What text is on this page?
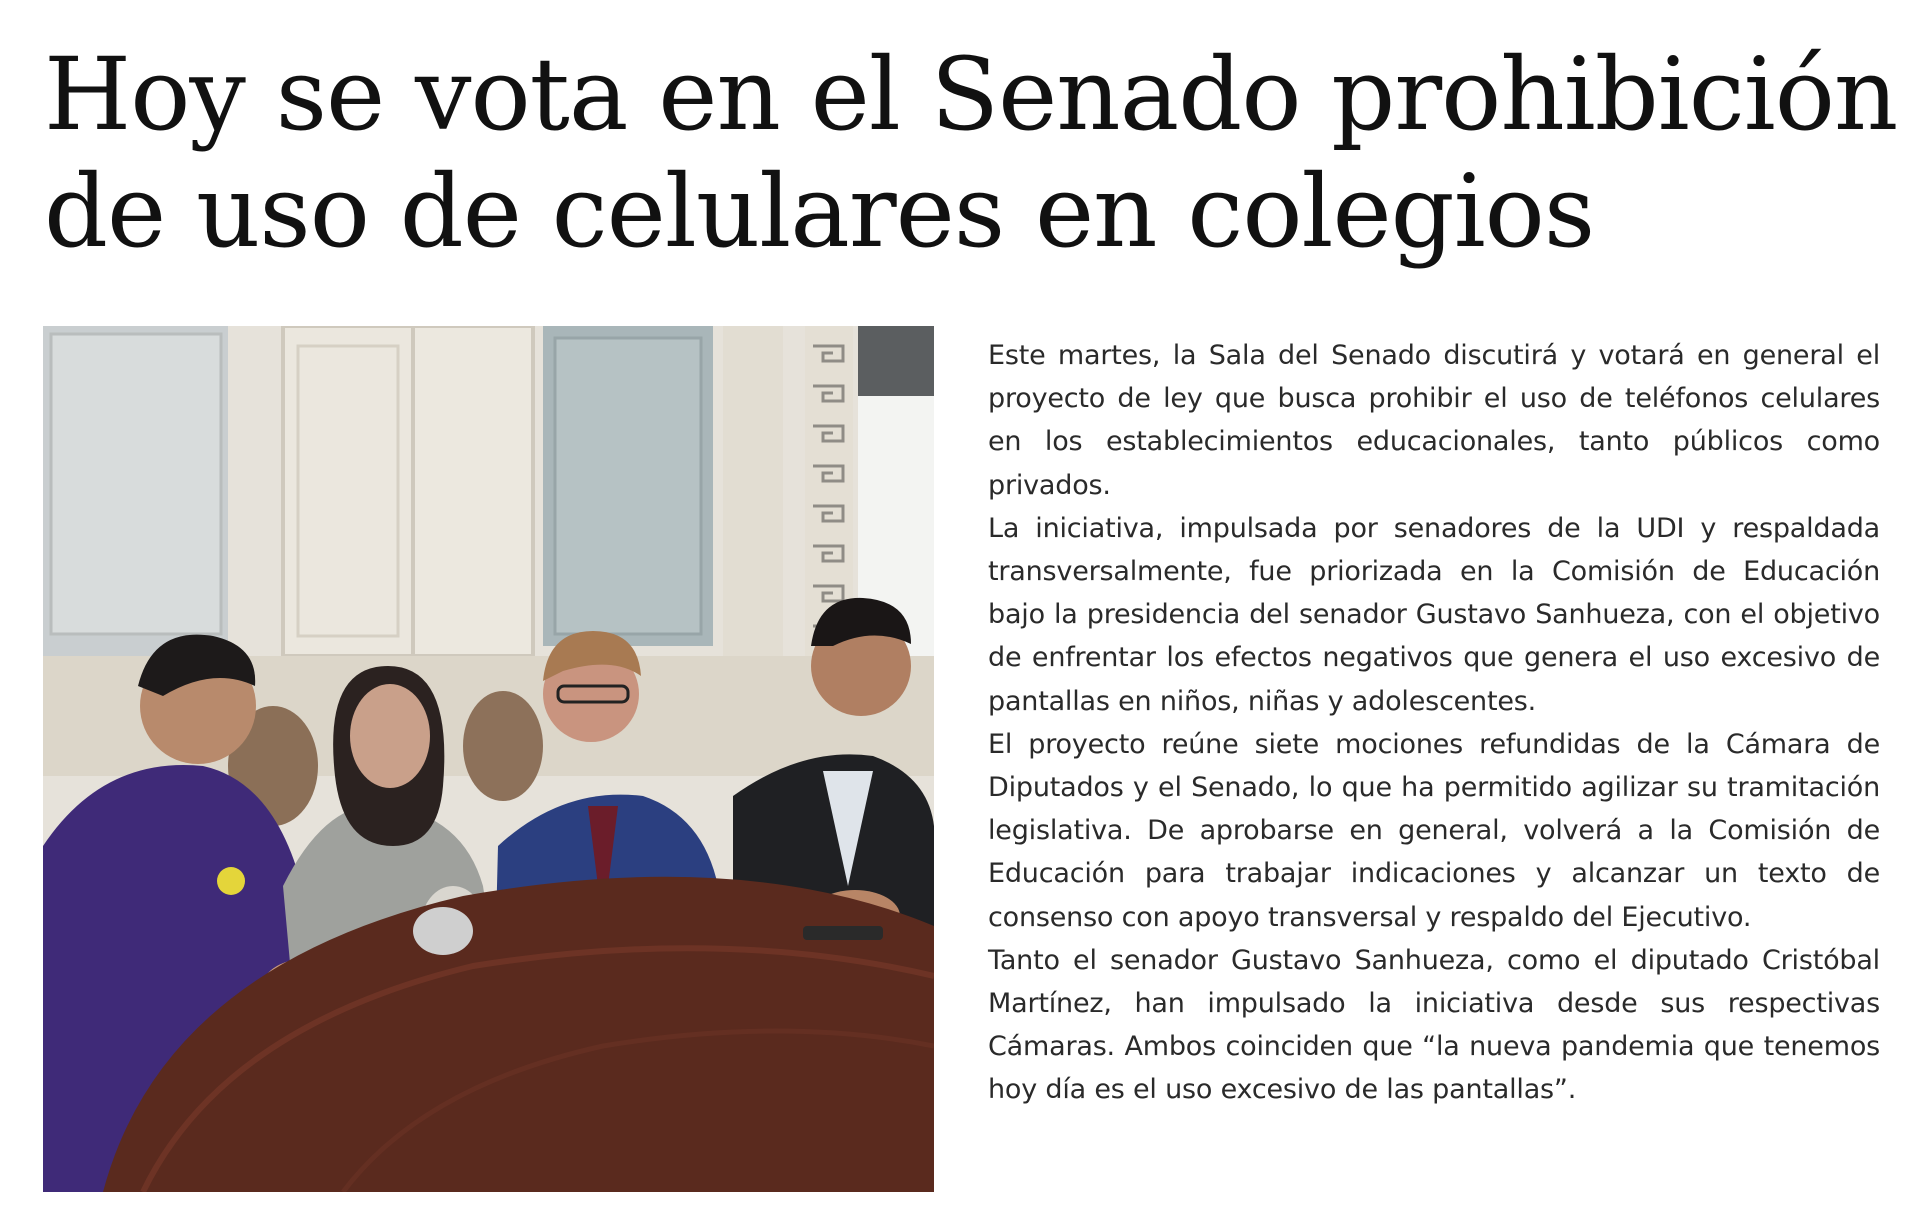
Hoy se vota en el Senado prohibición
de uso de celulares en colegios

Este martes, la Sala del Senado discutirá y votará en general el proyecto de ley que busca prohibir el uso de teléfonos celulares en los establecimientos educacionales, tanto públicos como privados.

La iniciativa, impulsada por senadores de la UDI y respaldada transversalmente, fue priorizada en la Comisión de Educación bajo la presidencia del senador Gustavo Sanhueza, con el objetivo de enfrentar los efectos negativos que genera el uso excesivo de pantallas en niños, niñas y adolescentes.

El proyecto reúne siete mociones refundidas de la Cámara de Diputados y el Senado, lo que ha permitido agilizar su tramitación legislativa. De aprobarse en general, volverá a la Comisión de Educación para trabajar indicaciones y alcanzar un texto de consenso con apoyo transversal y respaldo del Ejecutivo.

Tanto el senador Gustavo Sanhueza, como el diputado Cristóbal Martínez, han impulsado la iniciativa desde sus respectivas Cámaras. Ambos coinciden que “la nueva pandemia que tenemos hoy día es el uso excesivo de las pantallas”.
